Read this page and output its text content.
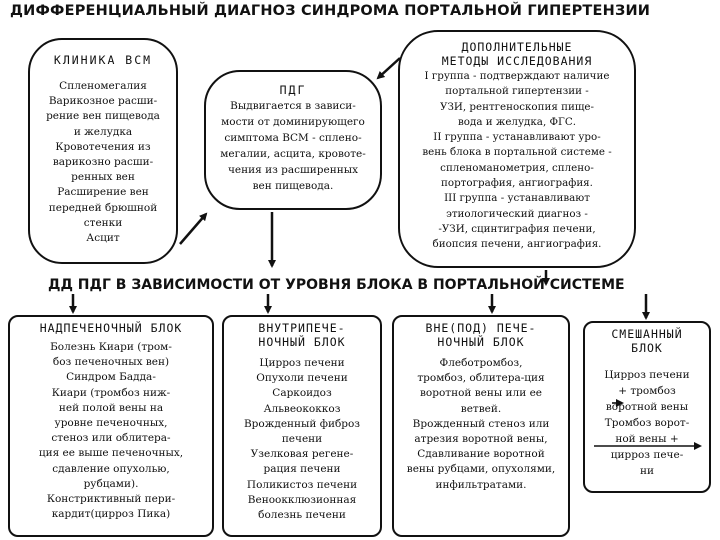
ДИФФЕРЕНЦИАЛЬНЫЙ ДИАГНОЗ СИНДРОМА ПОРТАЛЬНОЙ ГИПЕРТЕНЗИИ
КЛИНИКА ВСМ
Спленомегалия
Варикозное расши-
рение вен пищевода
и желудка
Кровотечения из
варикозно расши-
ренных вен
Расширение вен
передней брюшной
стенки
Асцит
ПДГ
Выдвигается в зависи-
мости от доминирующего
симптома ВСМ - сплено-
мегалии, асцита, кровоте-
чения из расширенных
вен пищевода.
ДОПОЛНИТЕЛЬНЫЕ
МЕТОДЫ ИССЛЕДОВАНИЯ
I группа - подтверждают наличие
портальной гипертензии -
УЗИ, рентгеноскопия пище-
вода и желудка, ФГС.
II группа - устанавливают уро-
вень блока в портальной системе -
спленоманометрия, сплено-
портография, ангиография.
III группа - устанавливают
этиологический диагноз -
-УЗИ, сцинтиграфия печени,
биопсия печени, ангиография.
ДД ПДГ В ЗАВИСИМОСТИ ОТ УРОВНЯ БЛОКА В ПОРТАЛЬНОЙ СИСТЕМЕ
НАДПЕЧЕНОЧНЫЙ БЛОК
Болезнь Киари (тром-
боз печеночных вен)
Синдром Бадда-
Киари (тромбоз ниж-
ней полой вены на
уровне печеночных,
стеноз или облитера-
ция ее выше печеночных,
сдавление опухолью,
рубцами).
Констриктивный пери-
кардит(цирроз Пика)
ВНУТРИПЕЧЕ-
НОЧНЫЙ БЛОК
Цирроз печени
Опухоли печени
Саркоидоз
Альвеококкоз
Врожденный фиброз
печени
Узелковая регене-
рация печени
Поликистоз печени
Веноокклюзионная
болезнь печени
ВНЕ(ПОД) ПЕЧЕ-
НОЧНЫЙ БЛОК
Флеботромбоз,
тромбоз, облитера-ция
воротной вены или ее
ветвей.
Врожденный стеноз или
атрезия воротной вены,
Сдавливание воротной
вены рубцами, опухолями,
инфильтратами.
СМЕШАННЫЙ
БЛОК
Цирроз печени
+ тромбоз
воротной вены
Тромбоз ворот-
ной вены +
цирроз пече-
ни
